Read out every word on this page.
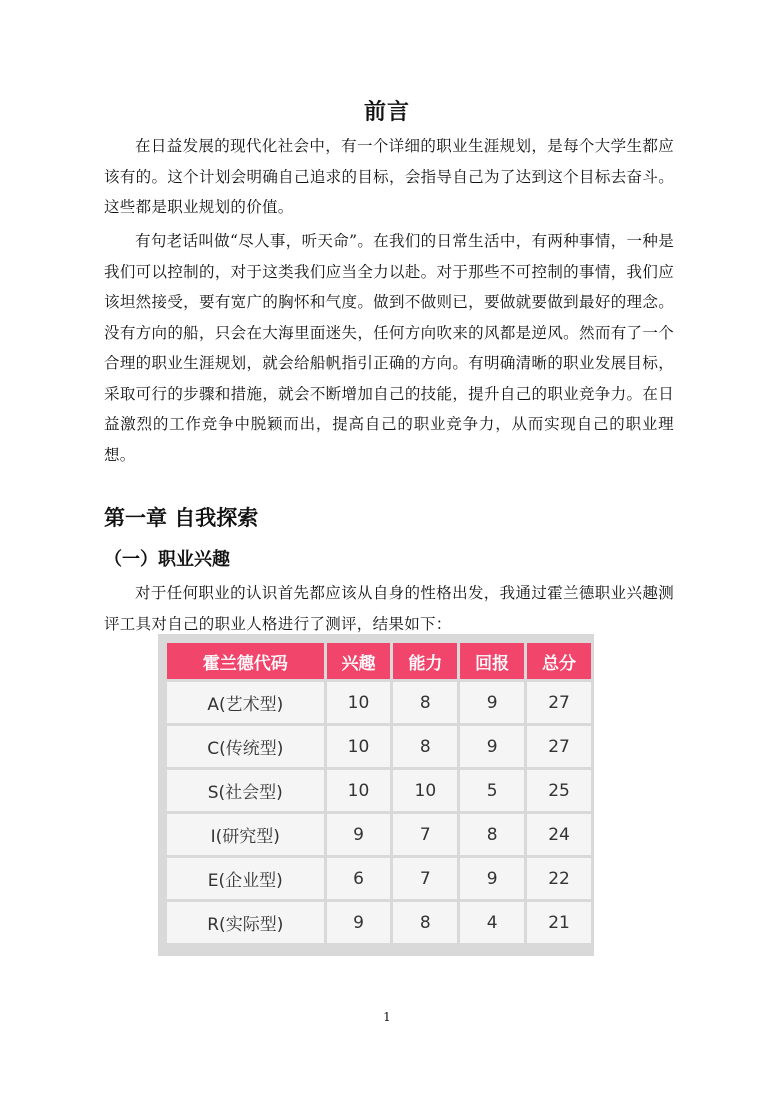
前言
在日益发展的现代化社会中，有一个详细的职业生涯规划，是每个大学生都应该有的。这个计划会明确自己追求的目标，会指导自己为了达到这个目标去奋斗。这些都是职业规划的价值。
有句老话叫做“尽人事，听天命”。在我们的日常生活中，有两种事情，一种是我们可以控制的，对于这类我们应当全力以赴。对于那些不可控制的事情，我们应该坦然接受，要有宽广的胸怀和气度。做到不做则已，要做就要做到最好的理念。没有方向的船，只会在大海里面迷失，任何方向吹来的风都是逆风。然而有了一个合理的职业生涯规划，就会给船帆指引正确的方向。有明确清晰的职业发展目标，采取可行的步骤和措施，就会不断增加自己的技能，提升自己的职业竞争力。在日益激烈的工作竞争中脱颖而出，提高自己的职业竞争力，从而实现自己的职业理想。
第一章 自我探索
（一）职业兴趣
对于任何职业的认识首先都应该从自身的性格出发，我通过霍兰德职业兴趣测评工具对自己的职业人格进行了测评，结果如下：
霍兰德代码	兴趣	能力	回报	总分
A(艺术型)	10	8	9	27
C(传统型)	10	8	9	27
S(社会型)	10	10	5	25
I(研究型)	9	7	8	24
E(企业型)	6	7	9	22
R(实际型)	9	8	4	21
1
